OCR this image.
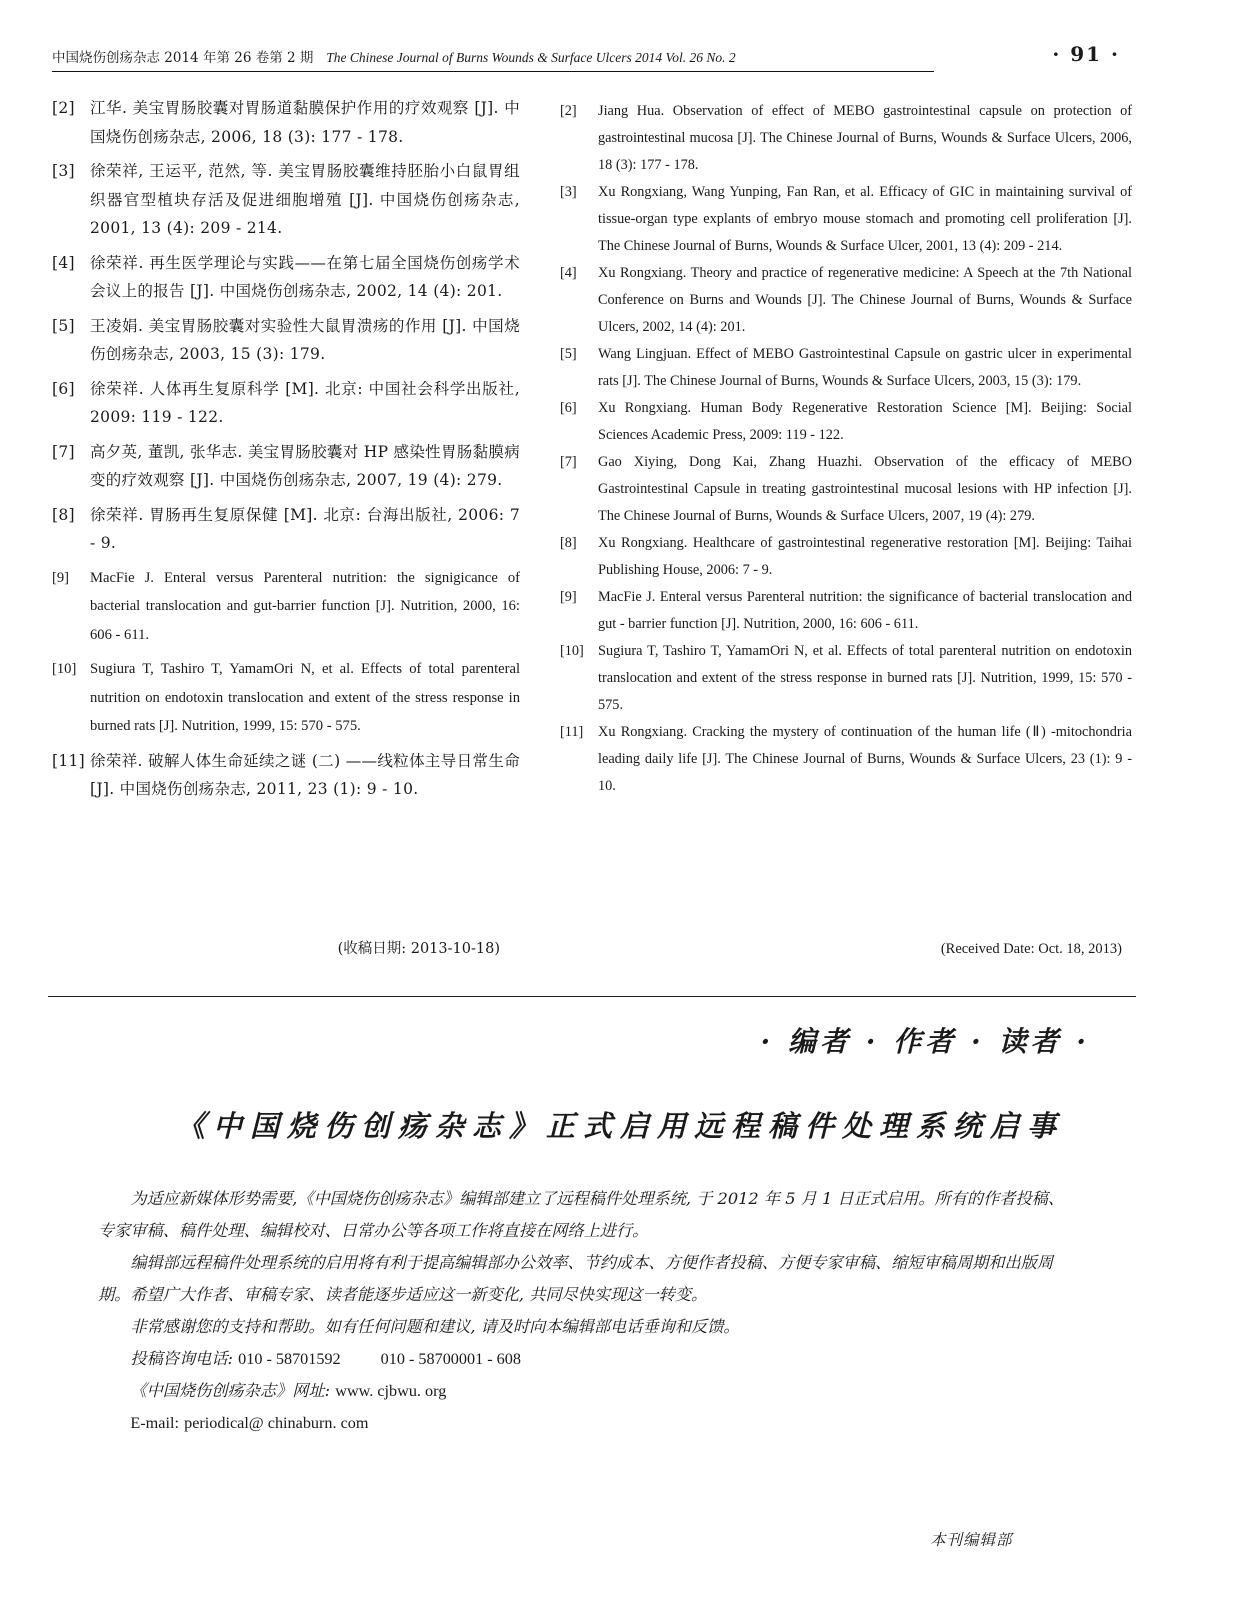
中国烧伤创疡杂志 2014 年第 26 卷第 2 期 The Chinese Journal of Burns Wounds & Surface Ulcers 2014 Vol. 26 No. 2	· 91 ·
[2] 江华. 美宝胃肠胶囊对胃肠道黏膜保护作用的疗效观察 [J]. 中国烧伤创疡杂志, 2006, 18 (3): 177 - 178.
[3] 徐荣祥, 王运平, 范然, 等. 美宝胃肠胶囊维持胚胎小白鼠胃组织器官型植块存活及促进细胞增殖 [J]. 中国烧伤创疡杂志, 2001, 13 (4): 209 - 214.
[4] 徐荣祥. 再生医学理论与实践——在第七届全国烧伤创疡学术会议上的报告 [J]. 中国烧伤创疡杂志, 2002, 14 (4): 201.
[5] 王凌娟. 美宝胃肠胶囊对实验性大鼠胃溃疡的作用 [J]. 中国烧伤创疡杂志, 2003, 15 (3): 179.
[6] 徐荣祥. 人体再生复原科学 [M]. 北京: 中国社会科学出版社, 2009: 119 - 122.
[7] 高夕英, 董凯, 张华志. 美宝胃肠胶囊对 HP 感染性胃肠黏膜病变的疗效观察 [J]. 中国烧伤创疡杂志, 2007, 19 (4): 279.
[8] 徐荣祥. 胃肠再生复原保健 [M]. 北京: 台海出版社, 2006: 7 - 9.
[9] MacFie J. Enteral versus Parenteral nutrition: the signigicance of bacterial translocation and gut-barrier function [J]. Nutrition, 2000, 16: 606 - 611.
[10] Sugiura T, Tashiro T, YamamOri N, et al. Effects of total parenteral nutrition on endotoxin translocation and extent of the stress response in burned rats [J]. Nutrition, 1999, 15: 570 - 575.
[11] 徐荣祥. 破解人体生命延续之谜 (二) ——线粒体主导日常生命 [J]. 中国烧伤创疡杂志, 2011, 23 (1): 9 - 10.
[2] Jiang Hua. Observation of effect of MEBO gastrointestinal capsule on protection of gastrointestinal mucosa [J]. The Chinese Journal of Burns, Wounds & Surface Ulcers, 2006, 18 (3): 177 - 178.
[3] Xu Rongxiang, Wang Yunping, Fan Ran, et al. Efficacy of GIC in maintaining survival of tissue-organ type explants of embryo mouse stomach and promoting cell proliferation [J]. The Chinese Journal of Burns, Wounds & Surface Ulcer, 2001, 13 (4): 209 - 214.
[4] Xu Rongxiang. Theory and practice of regenerative medicine: A Speech at the 7th National Conference on Burns and Wounds [J]. The Chinese Journal of Burns, Wounds & Surface Ulcers, 2002, 14 (4): 201.
[5] Wang Lingjuan. Effect of MEBO Gastrointestinal Capsule on gastric ulcer in experimental rats [J]. The Chinese Journal of Burns, Wounds & Surface Ulcers, 2003, 15 (3): 179.
[6] Xu Rongxiang. Human Body Regenerative Restoration Science [M]. Beijing: Social Sciences Academic Press, 2009: 119 - 122.
[7] Gao Xiying, Dong Kai, Zhang Huazhi. Observation of the efficacy of MEBO Gastrointestinal Capsule in treating gastrointestinal mucosal lesions with HP infection [J]. The Chinese Journal of Burns, Wounds & Surface Ulcers, 2007, 19 (4): 279.
[8] Xu Rongxiang. Healthcare of gastrointestinal regenerative restoration [M]. Beijing: Taihai Publishing House, 2006: 7 - 9.
[9] MacFie J. Enteral versus Parenteral nutrition: the significance of bacterial translocation and gut - barrier function [J]. Nutrition, 2000, 16: 606 - 611.
[10] Sugiura T, Tashiro T, YamamOri N, et al. Effects of total parenteral nutrition on endotoxin translocation and extent of the stress response in burned rats [J]. Nutrition, 1999, 15: 570 - 575.
[11] Xu Rongxiang. Cracking the mystery of continuation of the human life (Ⅱ) -mitochondria leading daily life [J]. The Chinese Journal of Burns, Wounds & Surface Ulcers, 23 (1): 9 - 10.
(收稿日期: 2013-10-18)	(Received Date: Oct. 18, 2013)
· 编者 · 作者 · 读者 ·
《中国烧伤创疡杂志》正式启用远程稿件处理系统启事

为适应新媒体形势需要,《中国烧伤创疡杂志》编辑部建立了远程稿件处理系统, 于 2012 年 5 月 1 日正式启用。所有的作者投稿、专家审稿、稿件处理、编辑校对、日常办公等各项工作将直接在网络上进行。

编辑部远程稿件处理系统的启用将有利于提高编辑部办公效率、节约成本、方便作者投稿、方便专家审稿、缩短审稿周期和出版周期。希望广大作者、审稿专家、读者能逐步适应这一新变化, 共同尽快实现这一转变。

非常感谢您的支持和帮助。如有任何问题和建议, 请及时向本编辑部电话垂询和反馈。

投稿咨询电话: 010 - 58701592 010 - 58700001 - 608

《中国烧伤创疡杂志》网址: www. cjbwu. org

E-mail: periodical@ chinaburn. com

本刊编辑部
